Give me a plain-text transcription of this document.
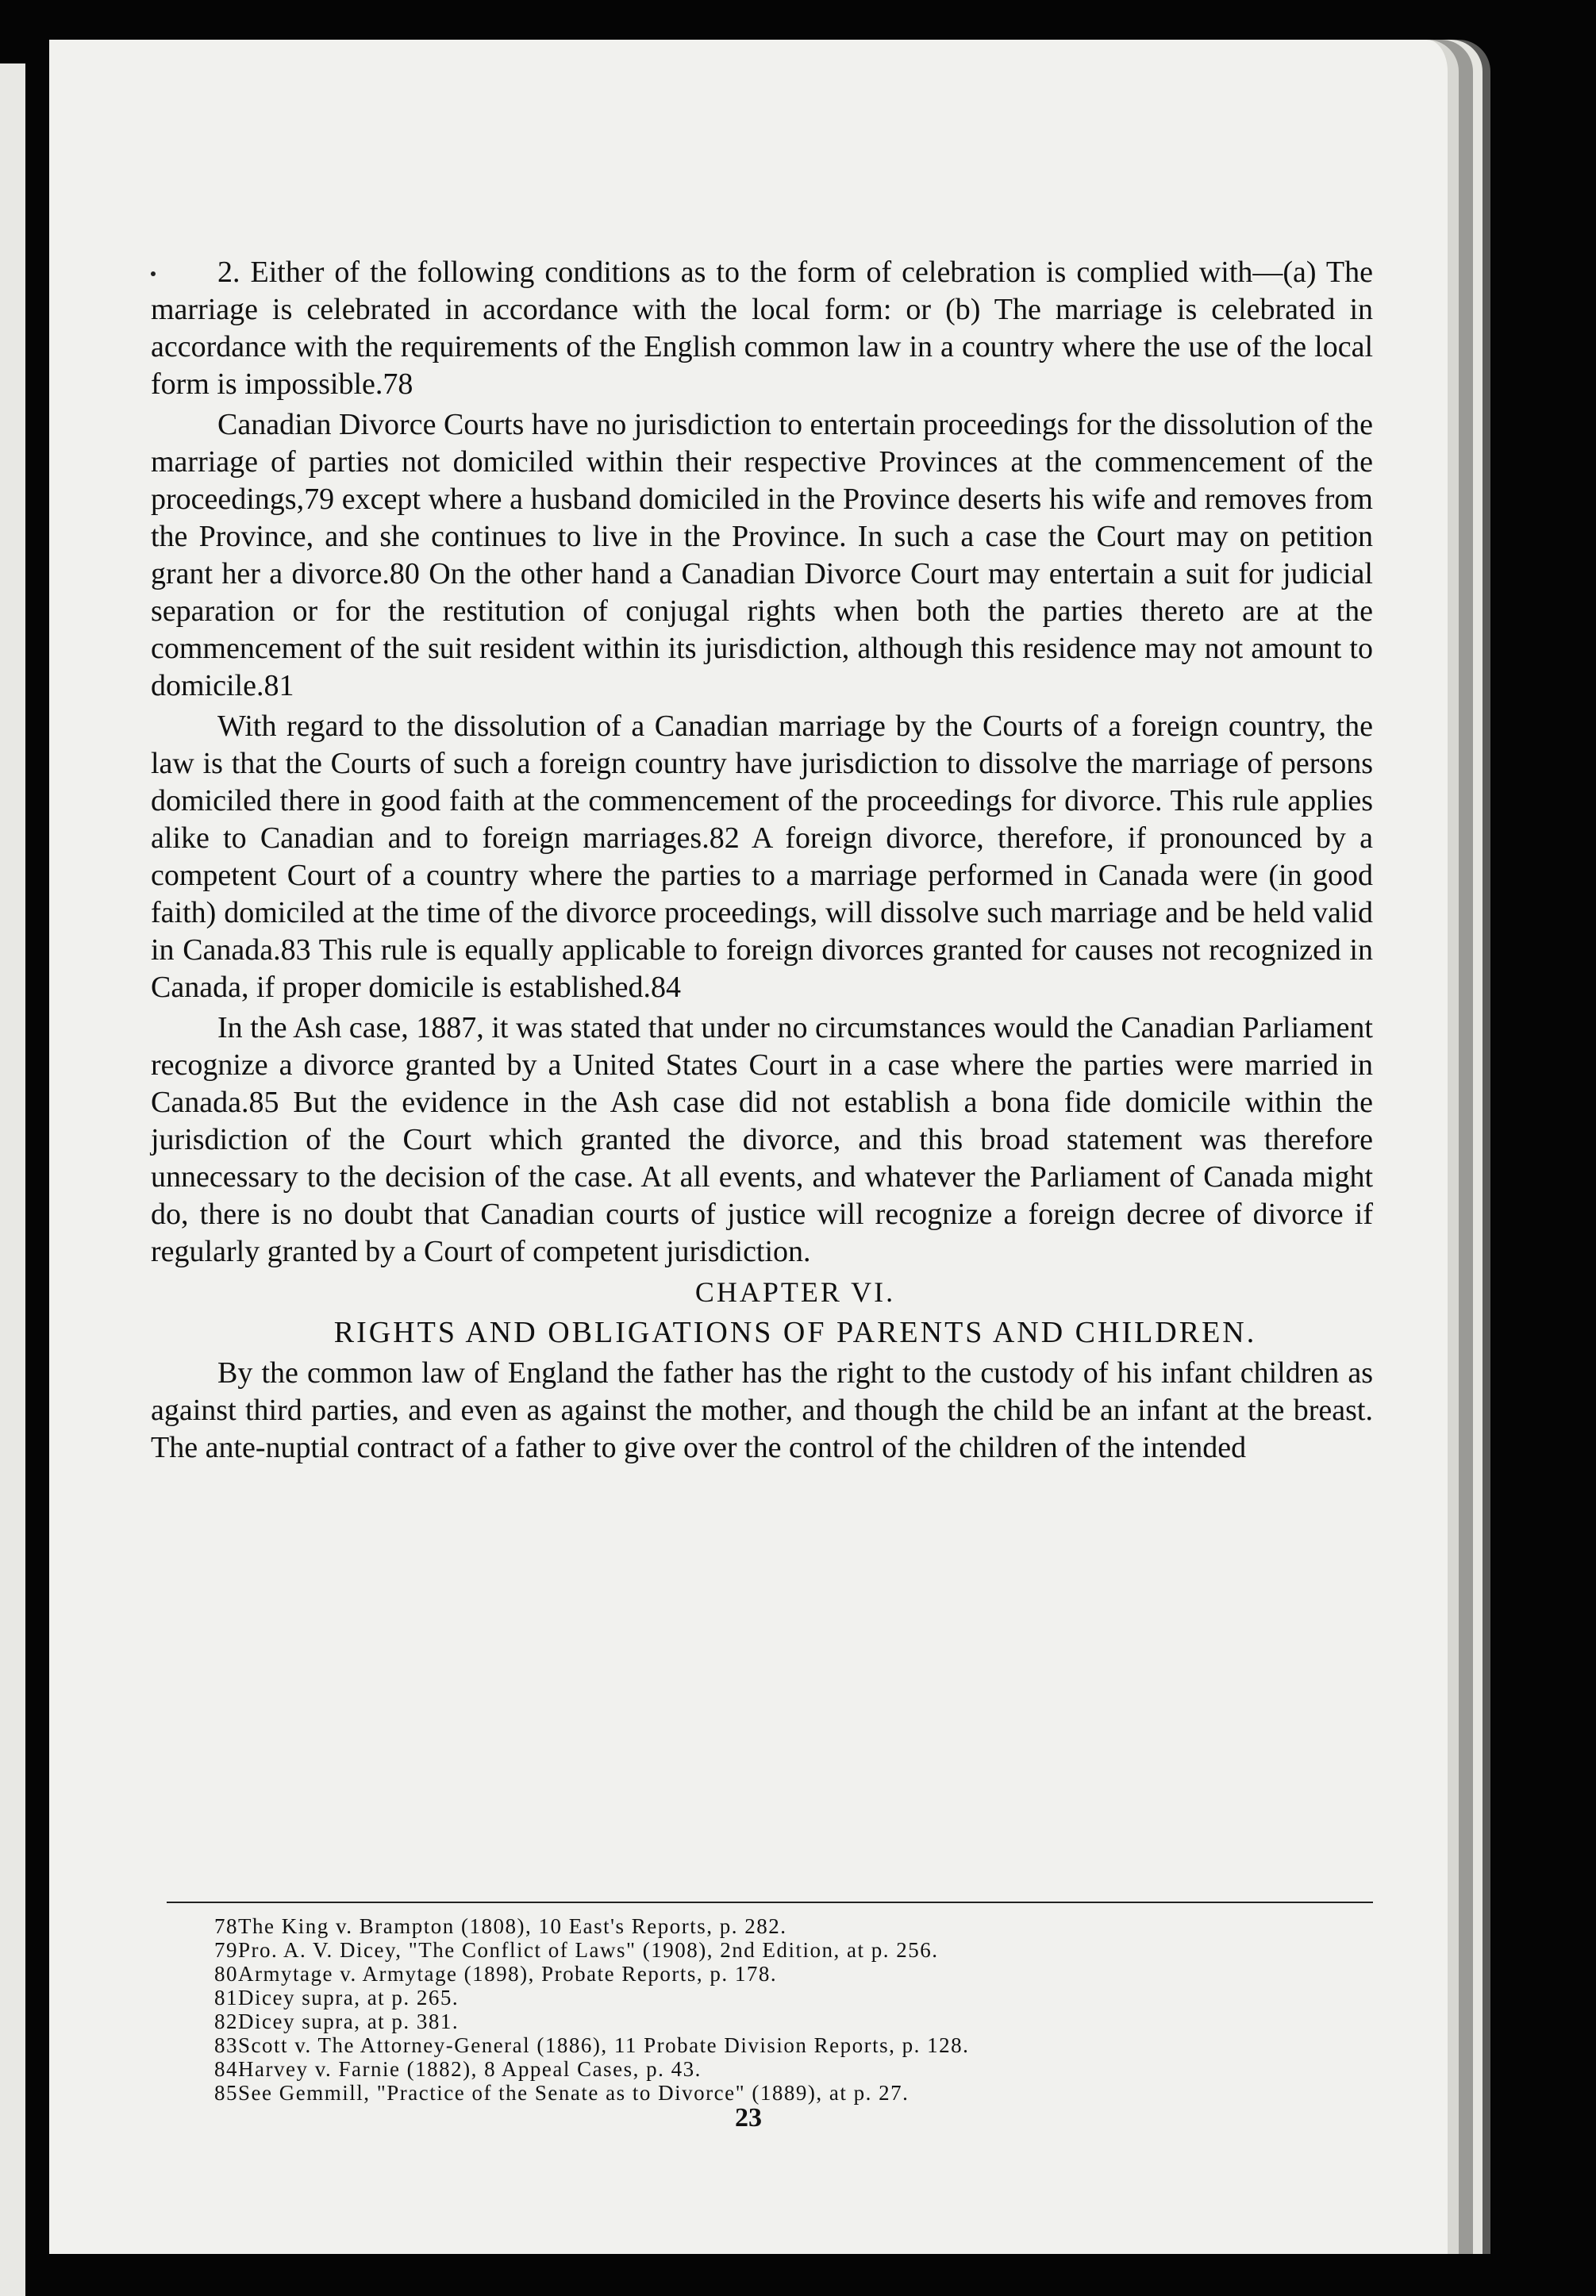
2. Either of the following conditions as to the form of celebration is complied with—(a) The marriage is celebrated in accordance with the local form: or (b) The marriage is celebrated in accordance with the requirements of the English common law in a country where the use of the local form is impossible.78

Canadian Divorce Courts have no jurisdiction to entertain proceedings for the dissolution of the marriage of parties not domiciled within their respective Provinces at the commencement of the proceedings,79 except where a husband domiciled in the Province deserts his wife and removes from the Province, and she continues to live in the Province. In such a case the Court may on petition grant her a divorce.80 On the other hand a Canadian Divorce Court may entertain a suit for judicial separation or for the restitution of conjugal rights when both the parties thereto are at the commencement of the suit resident within its jurisdiction, although this residence may not amount to domicile.81

With regard to the dissolution of a Canadian marriage by the Courts of a foreign country, the law is that the Courts of such a foreign country have jurisdiction to dissolve the marriage of persons domiciled there in good faith at the commencement of the proceedings for divorce. This rule applies alike to Canadian and to foreign marriages.82 A foreign divorce, therefore, if pronounced by a competent Court of a country where the parties to a marriage performed in Canada were (in good faith) domiciled at the time of the divorce proceedings, will dissolve such marriage and be held valid in Canada.83 This rule is equally applicable to foreign divorces granted for causes not recognized in Canada, if proper domicile is established.84

In the Ash case, 1887, it was stated that under no circumstances would the Canadian Parliament recognize a divorce granted by a United States Court in a case where the parties were married in Canada.85 But the evidence in the Ash case did not establish a bona fide domicile within the jurisdiction of the Court which granted the divorce, and this broad statement was therefore unnecessary to the decision of the case. At all events, and whatever the Parliament of Canada might do, there is no doubt that Canadian courts of justice will recognize a foreign decree of divorce if regularly granted by a Court of competent jurisdiction.

CHAPTER VI.

RIGHTS AND OBLIGATIONS OF PARENTS AND CHILDREN.

By the common law of England the father has the right to the custody of his infant children as against third parties, and even as against the mother, and though the child be an infant at the breast. The ante-nuptial contract of a father to give over the control of the children of the intended

78The King v. Brampton (1808), 10 East's Reports, p. 282.

79Pro. A. V. Dicey, "The Conflict of Laws" (1908), 2nd Edition, at p. 256.

80Armytage v. Armytage (1898), Probate Reports, p. 178.

81Dicey supra, at p. 265.

82Dicey supra, at p. 381.

83Scott v. The Attorney-General (1886), 11 Probate Division Reports, p. 128.

84Harvey v. Farnie (1882), 8 Appeal Cases, p. 43.

85See Gemmill, "Practice of the Senate as to Divorce" (1889), at p. 27.

23
